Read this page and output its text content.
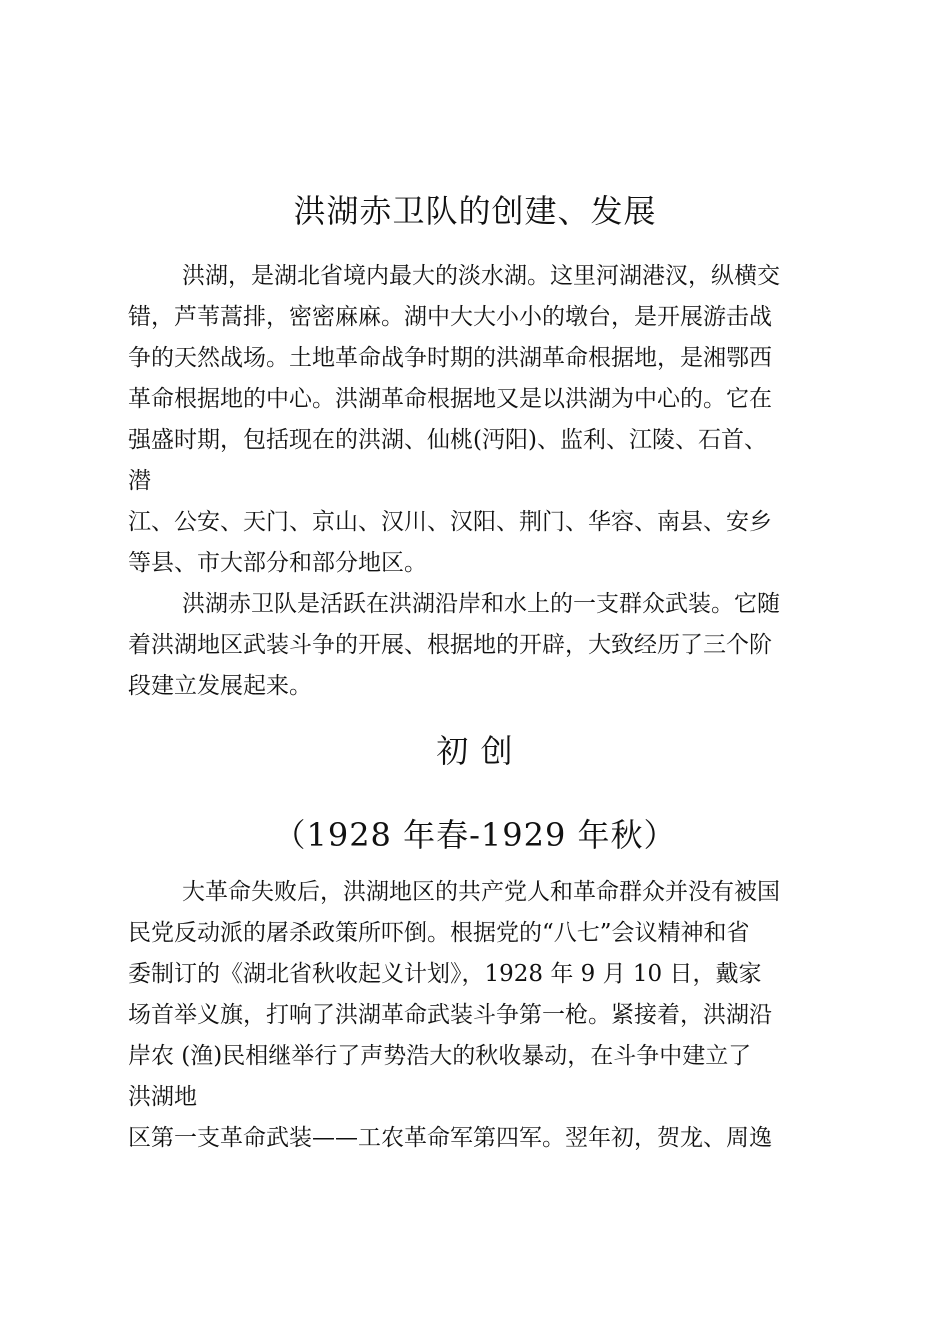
洪湖赤卫队的创建、发展
洪湖，是湖北省境内最大的淡水湖。这里河湖港汊，纵横交
错，芦苇蒿排，密密麻麻。湖中大大小小的墩台，是开展游击战
争的天然战场。土地革命战争时期的洪湖革命根据地，是湘鄂西
革命根据地的中心。洪湖革命根据地又是以洪湖为中心的。它在
强盛时期，包括现在的洪湖、仙桃(沔阳)、监利、江陵、石首、
潜
江、公安、天门、京山、汉川、汉阳、荆门、华容、南县、安乡
等县、市大部分和部分地区。
洪湖赤卫队是活跃在洪湖沿岸和水上的一支群众武装。它随
着洪湖地区武装斗争的开展、根据地的开辟，大致经历了三个阶
段建立发展起来。
初 创
（1928 年春-1929 年秋）
大革命失败后，洪湖地区的共产党人和革命群众并没有被国
民党反动派的屠杀政策所吓倒。根据党的“八七”会议精神和省
委制订的《湖北省秋收起义计划》，1928 年 9 月 10 日，戴家
场首举义旗，打响了洪湖革命武装斗争第一枪。紧接着，洪湖沿
岸农 (渔)民相继举行了声势浩大的秋收暴动，在斗争中建立了
洪湖地
区第一支革命武装——工农革命军第四军。翌年初，贺龙、周逸
